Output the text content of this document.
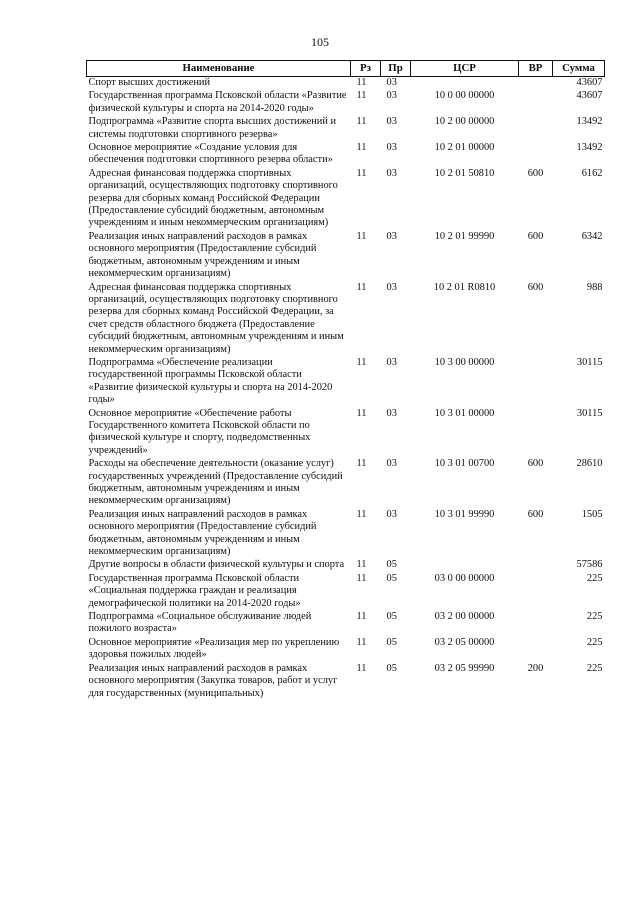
105
Наименование	Рз	Пр	ЦСР	ВР	Сумма
Спорт высших достижений	11	03			43607
Государственная программа Псковской области «Развитие физической культуры и спорта на 2014-2020 годы»	11	03	10 0 00 00000		43607
Подпрограмма «Развитие спорта высших достижений и системы подготовки спортивного резерва»	11	03	10 2 00 00000		13492
Основное мероприятие «Создание условия для обеспечения подготовки спортивного резерва области»	11	03	10 2 01 00000		13492
Адресная финансовая поддержка спортивных организаций, осуществляющих подготовку спортивного резерва для сборных команд Российской Федерации (Предоставление субсидий бюджетным, автономным учреждениям и иным некоммерческим организациям)	11	03	10 2 01 50810	600	6162
Реализация иных направлений расходов в рамках основного мероприятия (Предоставление субсидий бюджетным, автономным учреждениям и иным некоммерческим организациям)	11	03	10 2 01 99990	600	6342
Адресная финансовая поддержка спортивных организаций, осуществляющих подготовку спортивного резерва для сборных команд Российской Федерации, за счет средств областного бюджета (Предоставление субсидий бюджетным, автономным учреждениям и иным некоммерческим организациям)	11	03	10 2 01 R0810	600	988
Подпрограмма «Обеспечение реализации государственной программы Псковской области «Развитие физической культуры и спорта на 2014-2020 годы»	11	03	10 3 00 00000		30115
Основное мероприятие «Обеспечение работы Государственного комитета Псковской области по физической культуре и спорту, подведомственных учреждений»	11	03	10 3 01 00000		30115
Расходы на обеспечение деятельности (оказание услуг) государственных учреждений (Предоставление субсидий бюджетным, автономным учреждениям и иным некоммерческим организациям)	11	03	10 3 01 00700	600	28610
Реализация иных направлений расходов в рамках основного мероприятия (Предоставление субсидий бюджетным, автономным учреждениям и иным некоммерческим организациям)	11	03	10 3 01 99990	600	1505
Другие вопросы в области физической культуры и спорта	11	05			57586
Государственная программа Псковской области «Социальная поддержка граждан и реализация демографической политики на 2014-2020 годы»	11	05	03 0 00 00000		225
Подпрограмма «Социальное обслуживание людей пожилого возраста»	11	05	03 2 00 00000		225
Основное мероприятие «Реализация мер по укреплению здоровья пожилых людей»	11	05	03 2 05 00000		225
Реализация иных направлений расходов в рамках основного мероприятия (Закупка товаров, работ и услуг для государственных (муниципальных)	11	05	03 2 05 99990	200	225
